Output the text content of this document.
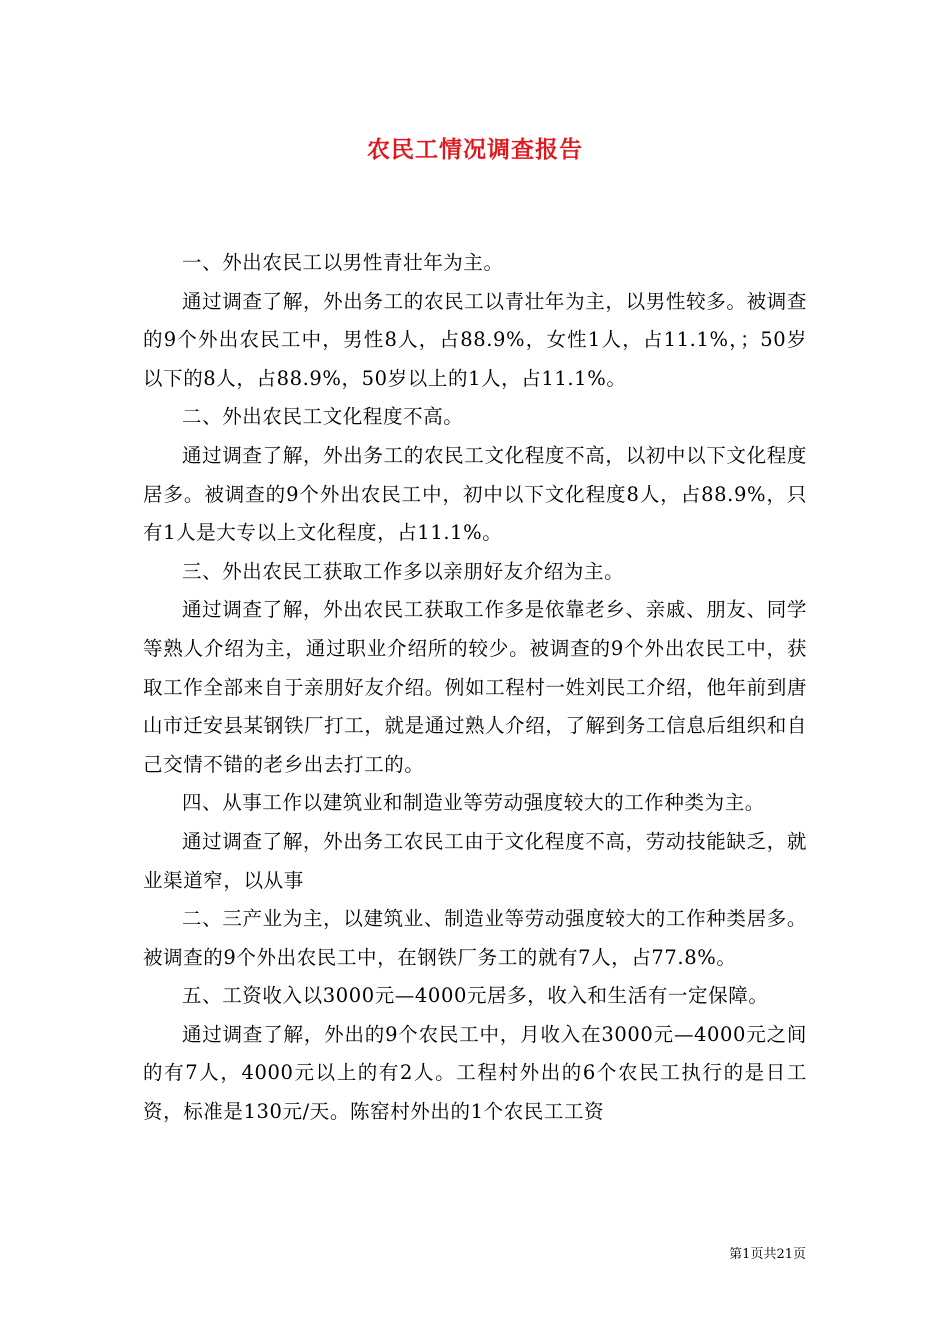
农民工情况调查报告

一、外出农民工以男性青壮年为主。

通过调查了解，外出务工的农民工以青壮年为主，以男性较多。被调查的9个外出农民工中，男性8人，占88.9%，女性1人，占11.1%，；50岁以下的8人，占88.9%，50岁以上的1人，占11.1%。

二、外出农民工文化程度不高。

通过调查了解，外出务工的农民工文化程度不高，以初中以下文化程度居多。被调查的9个外出农民工中，初中以下文化程度8人，占88.9%，只有1人是大专以上文化程度，占11.1%。

三、外出农民工获取工作多以亲朋好友介绍为主。

通过调查了解，外出农民工获取工作多是依靠老乡、亲戚、朋友、同学等熟人介绍为主，通过职业介绍所的较少。被调查的9个外出农民工中，获取工作全部来自于亲朋好友介绍。例如工程村一姓刘民工介绍，他年前到唐山市迁安县某钢铁厂打工，就是通过熟人介绍，了解到务工信息后组织和自己交情不错的老乡出去打工的。

四、从事工作以建筑业和制造业等劳动强度较大的工作种类为主。

通过调查了解，外出务工农民工由于文化程度不高，劳动技能缺乏，就业渠道窄，以从事

二、三产业为主，以建筑业、制造业等劳动强度较大的工作种类居多。被调查的9个外出农民工中，在钢铁厂务工的就有7人，占77.8%。

五、工资收入以3000元—4000元居多，收入和生活有一定保障。

通过调查了解，外出的9个农民工中，月收入在3000元—4000元之间的有7人，4000元以上的有2人。工程村外出的6个农民工执行的是日工资，标准是130元/天。陈窑村外出的1个农民工工资

第1页共21页
